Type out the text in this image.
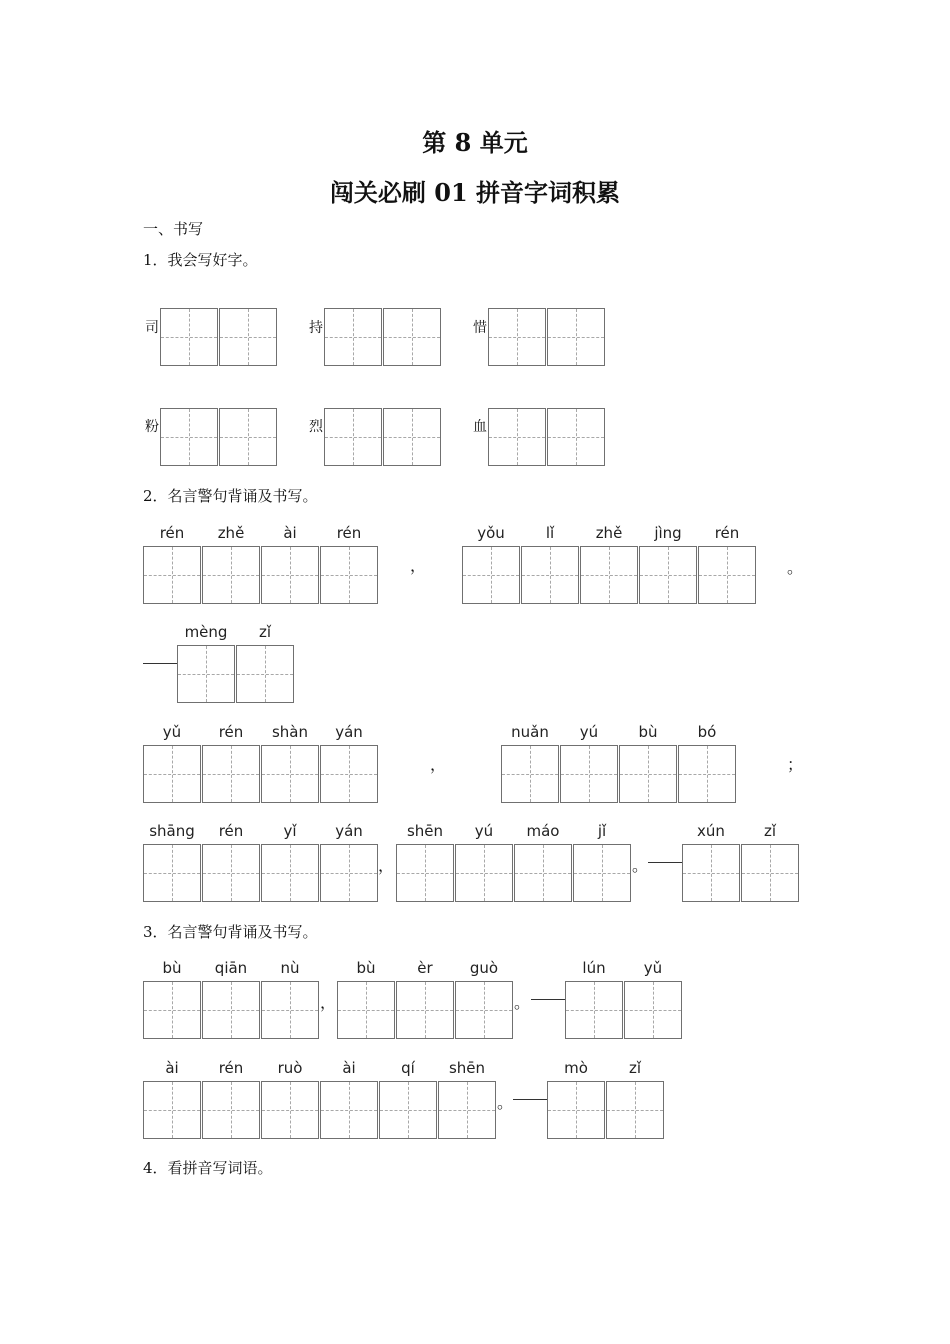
第 8 单元
闯关必刷 01 拼音字词积累
一、书写
1．我会写好字。
司	持	惜
粉	烈	血
2．名言警句背诵及书写。
rén	zhě	ài	rén
，
yǒu	lǐ	zhě	jìng	rén
。
mèng	zǐ
yǔ	rén	shàn	yán
，
nuǎn	yú	bù	bó
；
shāng	rén	yǐ	yán
，
shēn	yú	máo	jǐ
。
xún	zǐ
3．名言警句背诵及书写。
bù	qiān	nù
，
bù	èr	guò
。
lún	yǔ
ài	rén	ruò	ài	qí	shēn
。
mò	zǐ
4．看拼音写词语。
